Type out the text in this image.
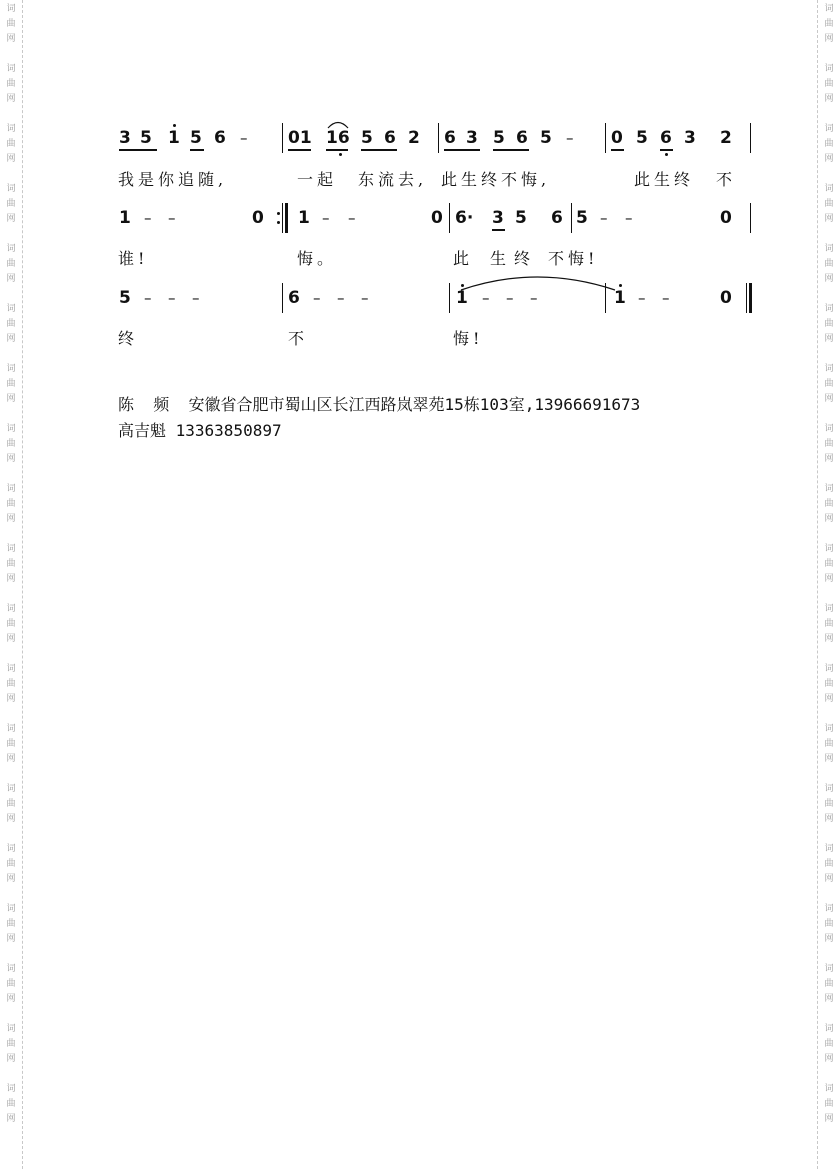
词
曲
网
词
曲
网
词
曲
网
词
曲
网
词
曲
网
词
曲
网
词
曲
网
词
曲
网
词
曲
网
词
曲
网
词
曲
网
词
曲
网
词
曲
网
词
曲
网
词
曲
网
词
曲
网
词
曲
网
词
曲
网
词
曲
网
词
曲
网
词
曲
网
词
曲
网
词
曲
网
词
曲
网
词
曲
网
词
曲
网
词
曲
网
词
曲
网
词
曲
网
词
曲
网
词
曲
网
词
曲
网
词
曲
网
词
曲
网
词
曲
网
词
曲
网
词
曲
网
词
曲
网
3 5 1 5 6 – 01 16 5 6 2 6 3 5 6 5 – 0 5 6 3 2
我是你追随,	一起 东流去, 此生终不悔,	此生终 不
1 – –	0 1 – –	0 6· 3 5 6 5 – –	0
谁!	悔。	此 生 终 不悔!
5 – – –	6 – – –	1 – – –	1 – –	0
终	不	悔!
陈  频  安徽省合肥市蜀山区长江西路岚翠苑15栋103室,13966691673
高吉魁 13363850897
